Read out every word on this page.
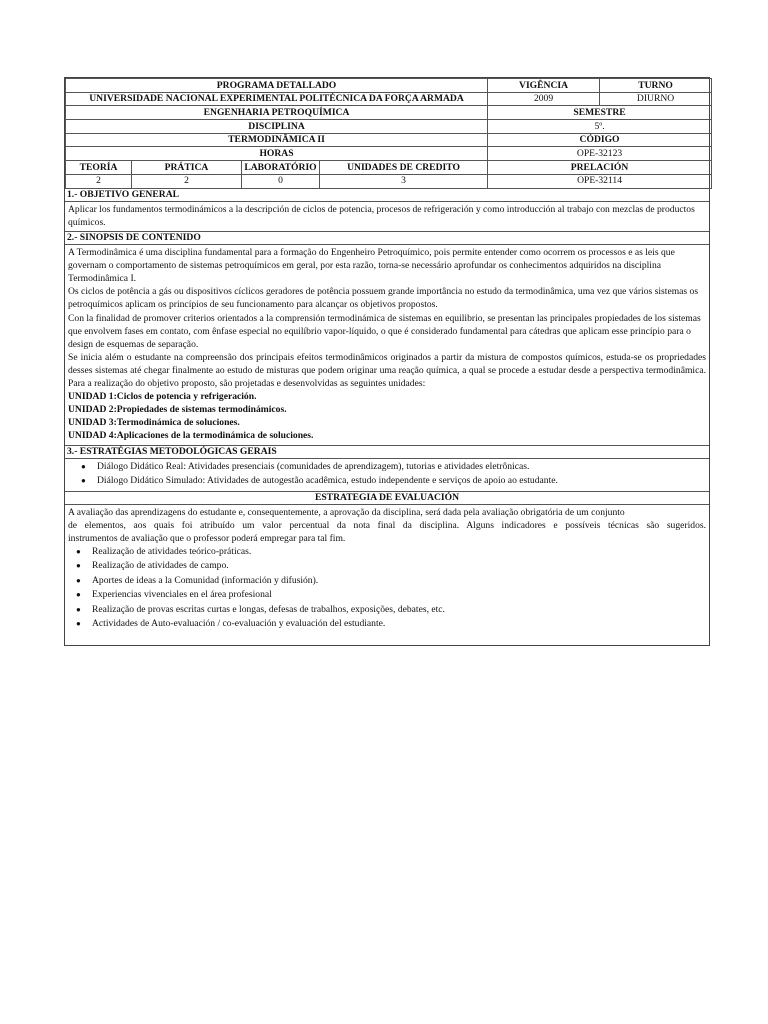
PROGRAMA DETALLADO				VIGÊNCIA	TURNO
UNIVERSIDADE NACIONAL EXPERIMENTAL POLITÉCNICA DA FORÇA ARMADA				2009	DIURNO
ENGENHARIA PETROQUÍMICA				SEMESTRE	
DISCIPLINA				5º.	
TERMODINÂMICA II				CÓDIGO	
HORAS				OPE-32123	
TEORÍA	PRÁTICA	LABORATÓRIO	UNIDADES DE CREDITO	PRELACIÓN	
2	2	0	3	OPE-32114	
1.- OBJETIVO GENERAL

Aplicar los fundamentos termodinámicos a la descripción de ciclos de potencia, procesos de refrigeración y como introducción al trabajo con mezclas de productos químicos.

2.- SINOPSIS DE CONTENIDO

A Termodinâmica é uma disciplina fundamental para a formação do Engenheiro Petroquímico, pois permite entender como ocorrem os processos e as leis que governam o comportamento de sistemas petroquímicos em geral, por esta razão, torna-se necessário aprofundar os conhecimentos adquiridos na disciplina Termodinâmica I.

Os ciclos de potência a gás ou dispositivos cíclicos geradores de potência possuem grande importância no estudo da termodinâmica, uma vez que vários sistemas os petroquímicos aplicam os princípios de seu funcionamento para alcançar os objetivos propostos.

Con la finalidad de promover criterios orientados a la comprensión termodinámica de sistemas en equilibrio, se presentan las principales propiedades de los sistemas que envolvem fases em contato, com ênfase especial no equilíbrio vapor-líquido, o que é considerado fundamental para cátedras que aplicam esse princípio para o design de esquemas de separação.

Se inicia além o estudante na compreensão dos principais efeitos termodinâmicos originados a partir da mistura de compostos químicos, estuda-se os propriedades desses sistemas até chegar finalmente ao estudo de misturas que podem originar uma reação química, a qual se procede a estudar desde a perspectiva termodinâmica. Para a realização do objetivo proposto, são projetadas e desenvolvidas as seguintes unidades:

UNIDAD 1:Ciclos de potencia y refrigeración.

UNIDAD 2:Propiedades de sistemas termodinámicos.

UNIDAD 3:Termodinámica de soluciones.

UNIDAD 4:Aplicaciones de la termodinámica de soluciones.

3.- ESTRATÉGIAS METODOLÓGICAS GERAIS
● Diálogo Didático Real: Atividades presenciais (comunidades de aprendizagem), tutorias e atividades eletrônicas.
● Diálogo Didático Simulado: Atividades de autogestão acadêmica, estudo independente e serviços de apoio ao estudante.
ESTRATEGIA DE EVALUACIÓN

A avaliação das aprendizagens do estudante e, consequentemente, a aprovação da disciplina, será dada pela avaliação obrigatória de um conjunto

de elementos, aos quais foi atribuído um valor percentual da nota final da disciplina. Alguns indicadores e possíveis técnicas são sugeridos.

instrumentos de avaliação que o professor poderá empregar para tal fim.

● Realização de atividades teórico-práticas.
● Realização de atividades de campo.
● Aportes de ideas a la Comunidad (información y difusión).
● Experiencias vivenciales en el área profesional
● Realização de provas escritas curtas e longas, defesas de trabalhos, exposições, debates, etc.
● Actividades de Auto-evaluación / co-evaluación y evaluación del estudiante.
